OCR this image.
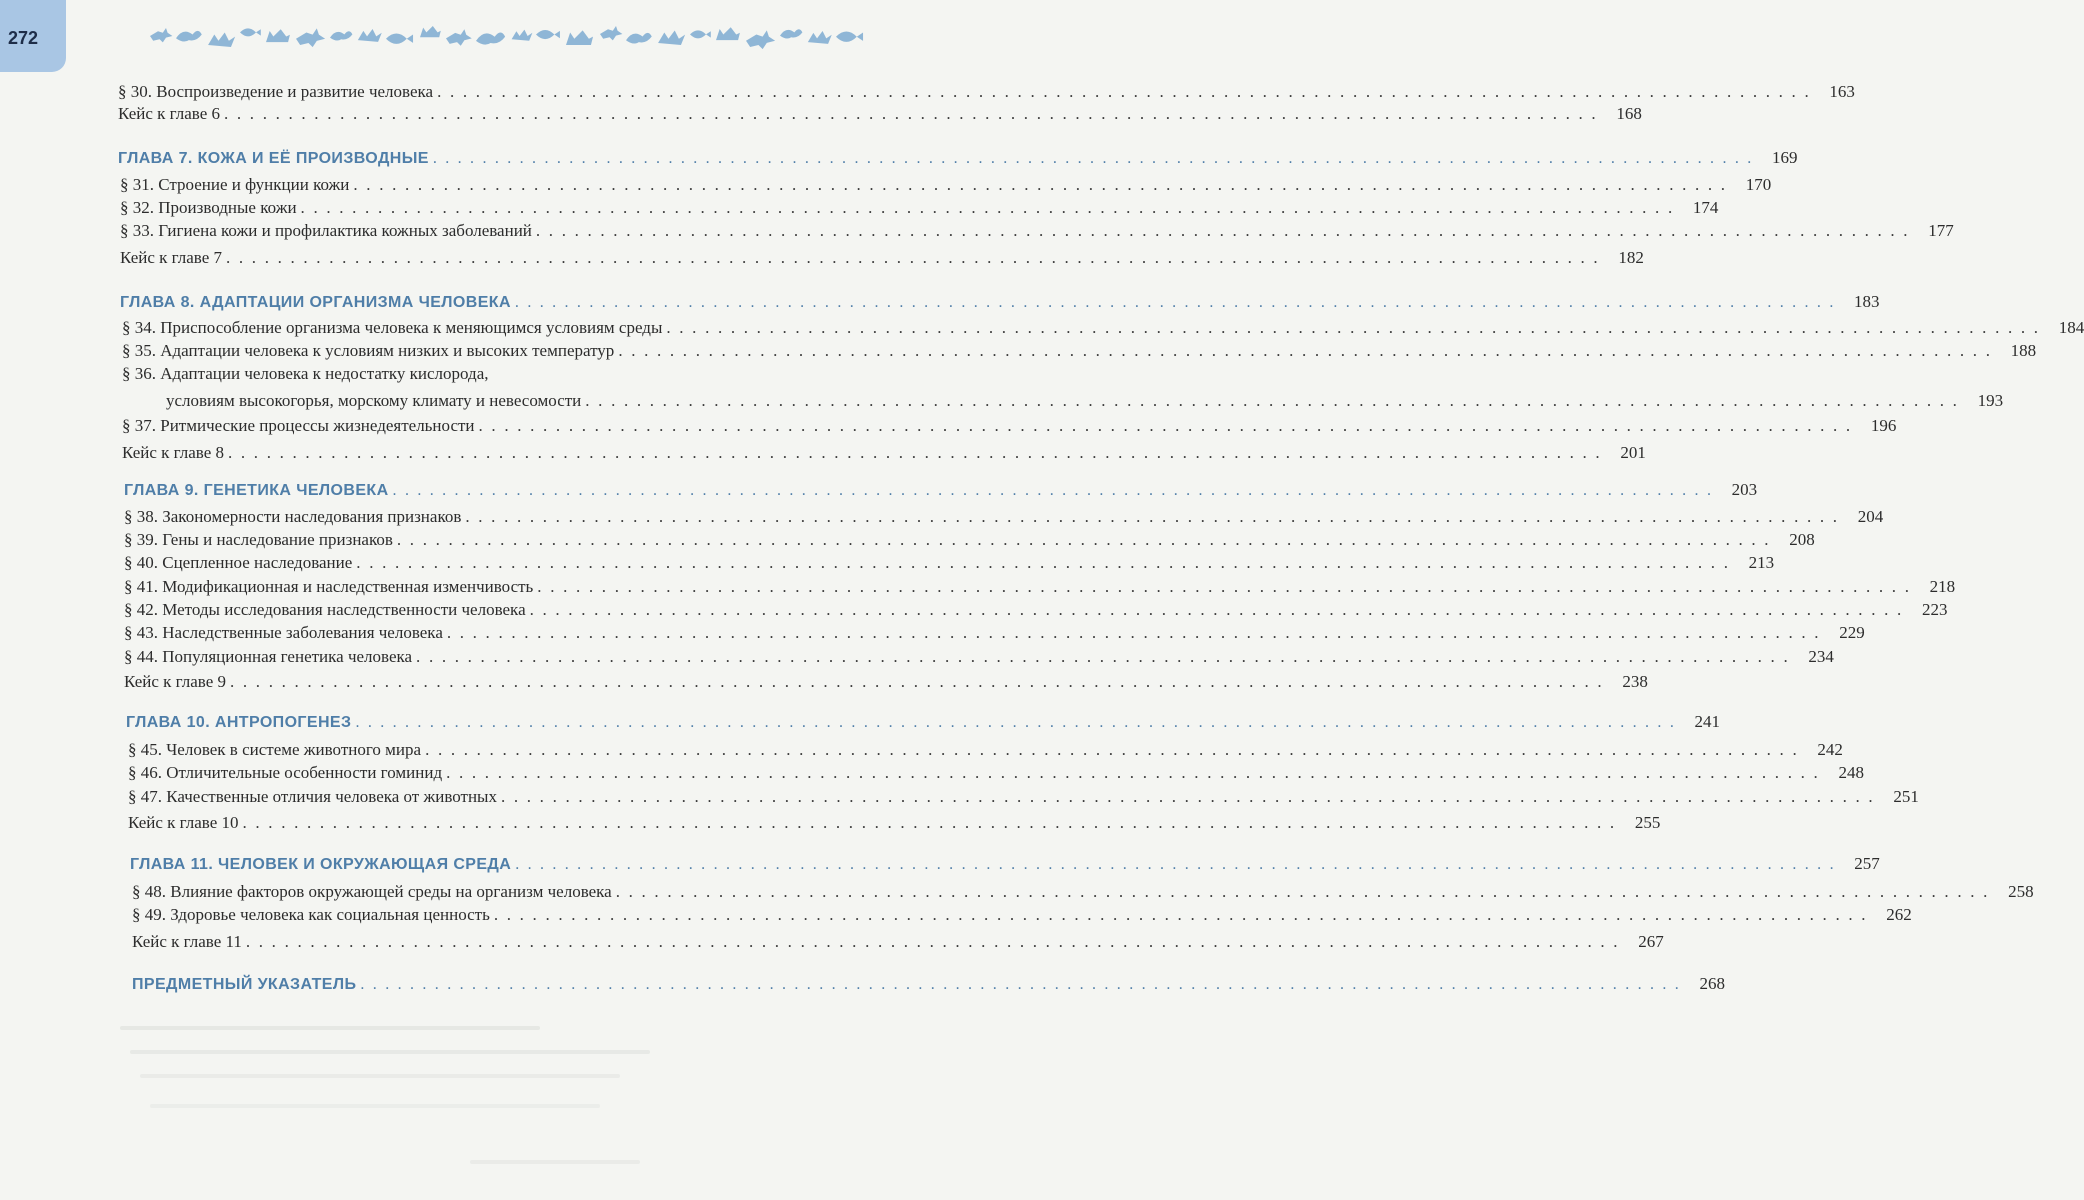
272
§ 30. Воспроизведение и развитие человека . . . . . . . . . . . . . . . . . . . . . . . . . . . . . . . . . . . . . . . . . . . . . . . . . . . . . . . . . . . . . . . . . . . . . . . . . . . . . . . . . . . . . . . . . . . . . . . . . . . . . . . . . . .	163
Кейс к главе 6 . . . . . . . . . . . . . . . . . . . . . . . . . . . . . . . . . . . . . . . . . . . . . . . . . . . . . . . . . . . . . . . . . . . . . . . . . . . . . . . . . . . . . . . . . . . . . . . . . . . . . . . . . . .	168
ГЛАВА 7. КОЖА И ЕЁ ПРОИЗВОДНЫЕ . . . . . . . . . . . . . . . . . . . . . . . . . . . . . . . . . . . . . . . . . . . . . . . . . . . . . . . . . . . . . . . . . . . . . . . . . . . . . . . . . . . . . . . . . . . . . . . . . . . . . . . . . . .	169
§ 31. Строение и функции кожи . . . . . . . . . . . . . . . . . . . . . . . . . . . . . . . . . . . . . . . . . . . . . . . . . . . . . . . . . . . . . . . . . . . . . . . . . . . . . . . . . . . . . . . . . . . . . . . . . . . . . . . . . . .	170
§ 32. Производные кожи . . . . . . . . . . . . . . . . . . . . . . . . . . . . . . . . . . . . . . . . . . . . . . . . . . . . . . . . . . . . . . . . . . . . . . . . . . . . . . . . . . . . . . . . . . . . . . . . . . . . . . . . . . .	174
§ 33. Гигиена кожи и профилактика кожных заболеваний . . . . . . . . . . . . . . . . . . . . . . . . . . . . . . . . . . . . . . . . . . . . . . . . . . . . . . . . . . . . . . . . . . . . . . . . . . . . . . . . . . . . . . . . . . . . . . . . . . . . . . . . . . .	177
Кейс к главе 7 . . . . . . . . . . . . . . . . . . . . . . . . . . . . . . . . . . . . . . . . . . . . . . . . . . . . . . . . . . . . . . . . . . . . . . . . . . . . . . . . . . . . . . . . . . . . . . . . . . . . . . . . . . .	182
ГЛАВА 8. АДАПТАЦИИ ОРГАНИЗМА ЧЕЛОВЕКА . . . . . . . . . . . . . . . . . . . . . . . . . . . . . . . . . . . . . . . . . . . . . . . . . . . . . . . . . . . . . . . . . . . . . . . . . . . . . . . . . . . . . . . . . . . . . . . . . . . . . . . . . . .	183
§ 34. Приспособление организма человека к меняющимся условиям среды . . . . . . . . . . . . . . . . . . . . . . . . . . . . . . . . . . . . . . . . . . . . . . . . . . . . . . . . . . . . . . . . . . . . . . . . . . . . . . . . . . . . . . . . . . . . . . . . . . . . . . . . . . .	184
§ 35. Адаптации человека к условиям низких и высоких температур . . . . . . . . . . . . . . . . . . . . . . . . . . . . . . . . . . . . . . . . . . . . . . . . . . . . . . . . . . . . . . . . . . . . . . . . . . . . . . . . . . . . . . . . . . . . . . . . . . . . . . . . . . .	188
§ 36. Адаптации человека к недостатку кислорода,
условиям высокогорья, морскому климату и невесомости . . . . . . . . . . . . . . . . . . . . . . . . . . . . . . . . . . . . . . . . . . . . . . . . . . . . . . . . . . . . . . . . . . . . . . . . . . . . . . . . . . . . . . . . . . . . . . . . . . . . . . . . . . .	193
§ 37. Ритмические процессы жизнедеятельности . . . . . . . . . . . . . . . . . . . . . . . . . . . . . . . . . . . . . . . . . . . . . . . . . . . . . . . . . . . . . . . . . . . . . . . . . . . . . . . . . . . . . . . . . . . . . . . . . . . . . . . . . . .	196
Кейс к главе 8 . . . . . . . . . . . . . . . . . . . . . . . . . . . . . . . . . . . . . . . . . . . . . . . . . . . . . . . . . . . . . . . . . . . . . . . . . . . . . . . . . . . . . . . . . . . . . . . . . . . . . . . . . . .	201
ГЛАВА 9. ГЕНЕТИКА ЧЕЛОВЕКА . . . . . . . . . . . . . . . . . . . . . . . . . . . . . . . . . . . . . . . . . . . . . . . . . . . . . . . . . . . . . . . . . . . . . . . . . . . . . . . . . . . . . . . . . . . . . . . . . . . . . . . . . . .	203
§ 38. Закономерности наследования признаков . . . . . . . . . . . . . . . . . . . . . . . . . . . . . . . . . . . . . . . . . . . . . . . . . . . . . . . . . . . . . . . . . . . . . . . . . . . . . . . . . . . . . . . . . . . . . . . . . . . . . . . . . . .	204
§ 39. Гены и наследование признаков . . . . . . . . . . . . . . . . . . . . . . . . . . . . . . . . . . . . . . . . . . . . . . . . . . . . . . . . . . . . . . . . . . . . . . . . . . . . . . . . . . . . . . . . . . . . . . . . . . . . . . . . . . .	208
§ 40. Сцепленное наследование . . . . . . . . . . . . . . . . . . . . . . . . . . . . . . . . . . . . . . . . . . . . . . . . . . . . . . . . . . . . . . . . . . . . . . . . . . . . . . . . . . . . . . . . . . . . . . . . . . . . . . . . . . .	213
§ 41. Модификационная и наследственная изменчивость . . . . . . . . . . . . . . . . . . . . . . . . . . . . . . . . . . . . . . . . . . . . . . . . . . . . . . . . . . . . . . . . . . . . . . . . . . . . . . . . . . . . . . . . . . . . . . . . . . . . . . . . . . .	218
§ 42. Методы исследования наследственности человека . . . . . . . . . . . . . . . . . . . . . . . . . . . . . . . . . . . . . . . . . . . . . . . . . . . . . . . . . . . . . . . . . . . . . . . . . . . . . . . . . . . . . . . . . . . . . . . . . . . . . . . . . . .	223
§ 43. Наследственные заболевания человека . . . . . . . . . . . . . . . . . . . . . . . . . . . . . . . . . . . . . . . . . . . . . . . . . . . . . . . . . . . . . . . . . . . . . . . . . . . . . . . . . . . . . . . . . . . . . . . . . . . . . . . . . . .	229
§ 44. Популяционная генетика человека . . . . . . . . . . . . . . . . . . . . . . . . . . . . . . . . . . . . . . . . . . . . . . . . . . . . . . . . . . . . . . . . . . . . . . . . . . . . . . . . . . . . . . . . . . . . . . . . . . . . . . . . . . .	234
Кейс к главе 9 . . . . . . . . . . . . . . . . . . . . . . . . . . . . . . . . . . . . . . . . . . . . . . . . . . . . . . . . . . . . . . . . . . . . . . . . . . . . . . . . . . . . . . . . . . . . . . . . . . . . . . . . . . .	238
ГЛАВА 10. АНТРОПОГЕНЕЗ . . . . . . . . . . . . . . . . . . . . . . . . . . . . . . . . . . . . . . . . . . . . . . . . . . . . . . . . . . . . . . . . . . . . . . . . . . . . . . . . . . . . . . . . . . . . . . . . . . . . . . . . . . .	241
§ 45. Человек в системе животного мира . . . . . . . . . . . . . . . . . . . . . . . . . . . . . . . . . . . . . . . . . . . . . . . . . . . . . . . . . . . . . . . . . . . . . . . . . . . . . . . . . . . . . . . . . . . . . . . . . . . . . . . . . . .	242
§ 46. Отличительные особенности гоминид . . . . . . . . . . . . . . . . . . . . . . . . . . . . . . . . . . . . . . . . . . . . . . . . . . . . . . . . . . . . . . . . . . . . . . . . . . . . . . . . . . . . . . . . . . . . . . . . . . . . . . . . . . .	248
§ 47. Качественные отличия человека от животных . . . . . . . . . . . . . . . . . . . . . . . . . . . . . . . . . . . . . . . . . . . . . . . . . . . . . . . . . . . . . . . . . . . . . . . . . . . . . . . . . . . . . . . . . . . . . . . . . . . . . . . . . . .	251
Кейс к главе 10 . . . . . . . . . . . . . . . . . . . . . . . . . . . . . . . . . . . . . . . . . . . . . . . . . . . . . . . . . . . . . . . . . . . . . . . . . . . . . . . . . . . . . . . . . . . . . . . . . . . . . . . . . . .	255
ГЛАВА 11. ЧЕЛОВЕК И ОКРУЖАЮЩАЯ СРЕДА . . . . . . . . . . . . . . . . . . . . . . . . . . . . . . . . . . . . . . . . . . . . . . . . . . . . . . . . . . . . . . . . . . . . . . . . . . . . . . . . . . . . . . . . . . . . . . . . . . . . . . . . . . .	257
§ 48. Влияние факторов окружающей среды на организм человека . . . . . . . . . . . . . . . . . . . . . . . . . . . . . . . . . . . . . . . . . . . . . . . . . . . . . . . . . . . . . . . . . . . . . . . . . . . . . . . . . . . . . . . . . . . . . . . . . . . . . . . . . . .	258
§ 49. Здоровье человека как социальная ценность . . . . . . . . . . . . . . . . . . . . . . . . . . . . . . . . . . . . . . . . . . . . . . . . . . . . . . . . . . . . . . . . . . . . . . . . . . . . . . . . . . . . . . . . . . . . . . . . . . . . . . . . . . .	262
Кейс к главе 11 . . . . . . . . . . . . . . . . . . . . . . . . . . . . . . . . . . . . . . . . . . . . . . . . . . . . . . . . . . . . . . . . . . . . . . . . . . . . . . . . . . . . . . . . . . . . . . . . . . . . . . . . . . .	267
ПРЕДМЕТНЫЙ УКАЗАТЕЛЬ . . . . . . . . . . . . . . . . . . . . . . . . . . . . . . . . . . . . . . . . . . . . . . . . . . . . . . . . . . . . . . . . . . . . . . . . . . . . . . . . . . . . . . . . . . . . . . . . . . . . . . . . . . .	268
